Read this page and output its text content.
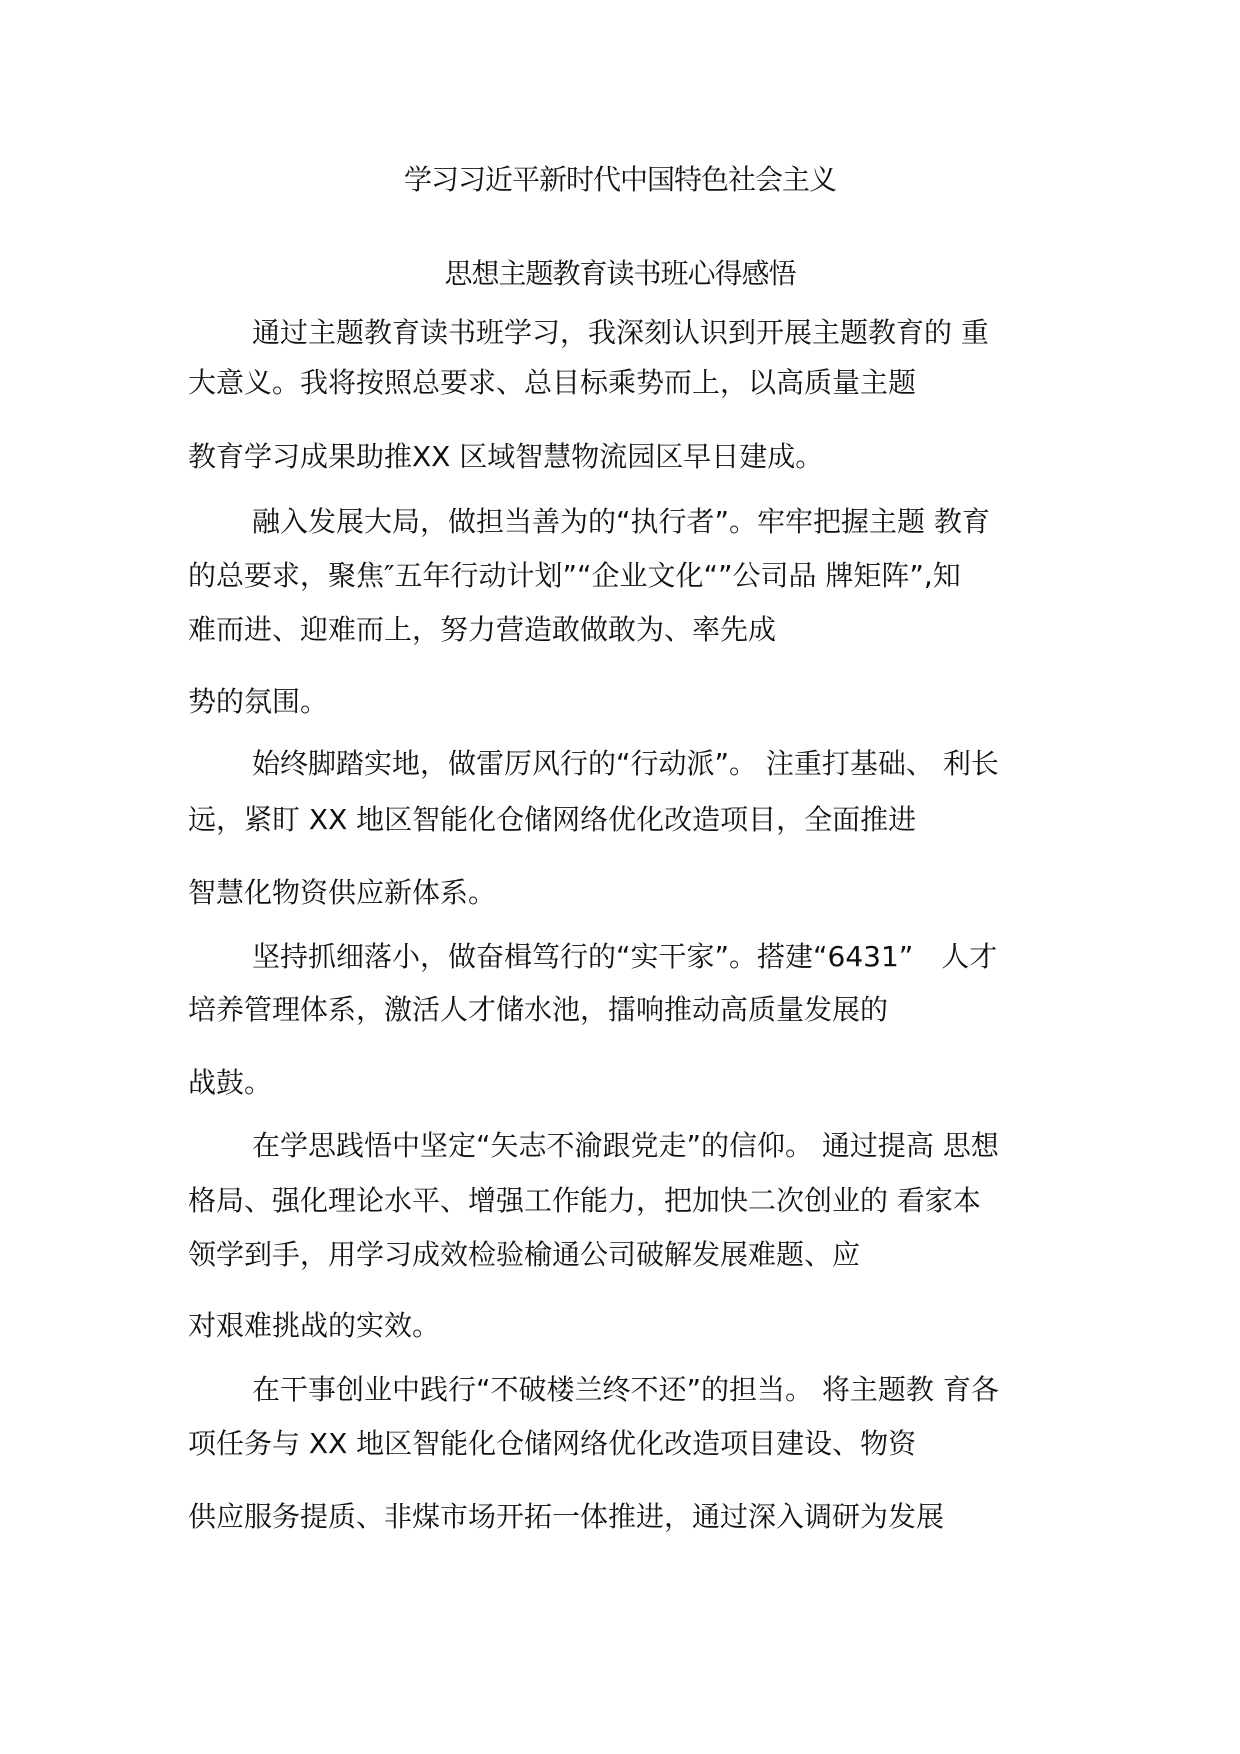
学习习近平新时代中国特色社会主义
思想主题教育读书班心得感悟
通过主题教育读书班学习，我深刻认识到开展主题教育的 重
大意义。我将按照总要求、总目标乘势而上，以高质量主题
教育学习成果助推XX 区域智慧物流园区早日建成。
融入发展大局，做担当善为的“执行者”。牢牢把握主题 教育
的总要求，聚焦″五年行动计划”“企业文化“”公司品 牌矩阵”,知
难而进、迎难而上，努力营造敢做敢为、率先成
势的氛围。
始终脚踏实地，做雷厉风行的“行动派”。 注重打基础、 利长
远，紧盯 XX 地区智能化仓储网络优化改造项目，全面推进
智慧化物资供应新体系。
坚持抓细落小，做奋楫笃行的“实干家”。搭建“6431”　人才
培养管理体系，激活人才储水池，擂响推动高质量发展的
战鼓。
在学思践悟中坚定“矢志不渝跟党走”的信仰。 通过提高 思想
格局、强化理论水平、增强工作能力，把加快二次创业的 看家本
领学到手，用学习成效检验榆通公司破解发展难题、应
对艰难挑战的实效。
在干事创业中践行“不破楼兰终不还”的担当。 将主题教 育各
项任务与 XX 地区智能化仓储网络优化改造项目建设、物资
供应服务提质、非煤市场开拓一体推进，通过深入调研为发展
